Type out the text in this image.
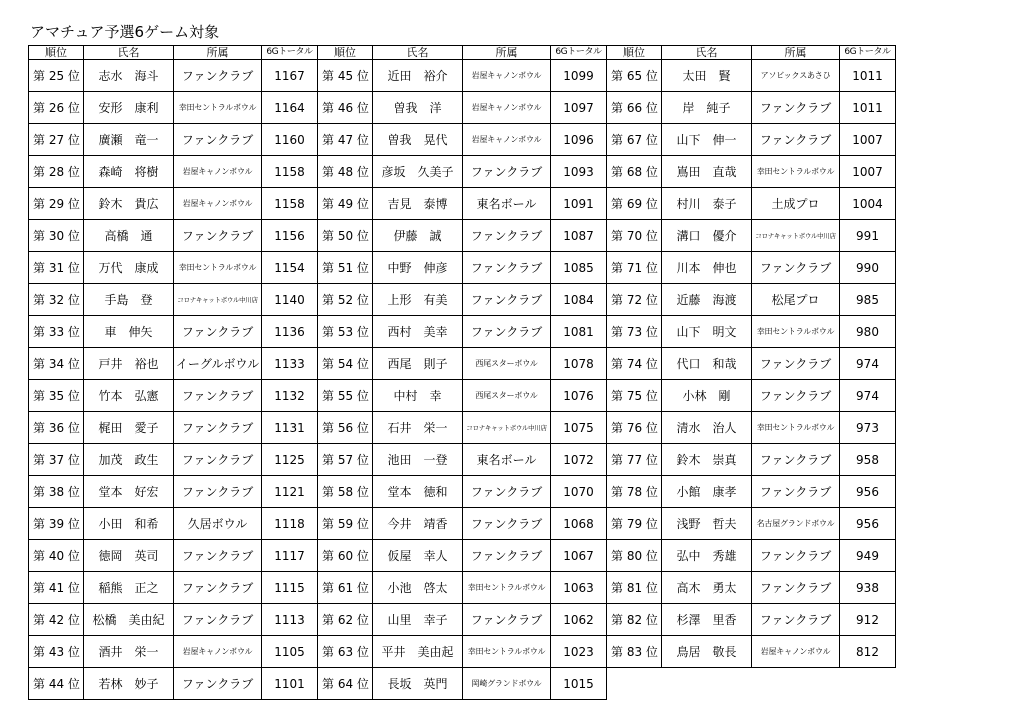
アマチュア予選6ゲーム対象
順位	氏名	所属	6Gトータル	順位	氏名	所属	6Gトータル	順位	氏名	所属	6Gトータル
第 25 位	志水　海斗	ファンクラブ	1167	第 45 位	近田　裕介	岩屋キャノンボウル	1099	第 65 位	太田　賢	アソビックスあさひ	1011
第 26 位	安形　康利	幸田セントラルボウル	1164	第 46 位	曽我　洋	岩屋キャノンボウル	1097	第 66 位	岸　純子	ファンクラブ	1011
第 27 位	廣瀬　竜一	ファンクラブ	1160	第 47 位	曽我　晃代	岩屋キャノンボウル	1096	第 67 位	山下　伸一	ファンクラブ	1007
第 28 位	森崎　将樹	岩屋キャノンボウル	1158	第 48 位	彦坂　久美子	ファンクラブ	1093	第 68 位	嶌田　直哉	幸田セントラルボウル	1007
第 29 位	鈴木　貴広	岩屋キャノンボウル	1158	第 49 位	吉見　泰博	東名ボール	1091	第 69 位	村川　泰子	土成プロ	1004
第 30 位	高橋　通	ファンクラブ	1156	第 50 位	伊藤　誠	ファンクラブ	1087	第 70 位	溝口　優介	コロナキャットボウル中川店	991
第 31 位	万代　康成	幸田セントラルボウル	1154	第 51 位	中野　伸彦	ファンクラブ	1085	第 71 位	川本　伸也	ファンクラブ	990
第 32 位	手島　登	コロナキャットボウル中川店	1140	第 52 位	上形　有美	ファンクラブ	1084	第 72 位	近藤　海渡	松尾プロ	985
第 33 位	車　伸矢	ファンクラブ	1136	第 53 位	西村　美幸	ファンクラブ	1081	第 73 位	山下　明文	幸田セントラルボウル	980
第 34 位	戸井　裕也	イーグルボウル	1133	第 54 位	西尾　則子	西尾スターボウル	1078	第 74 位	代口　和哉	ファンクラブ	974
第 35 位	竹本　弘憲	ファンクラブ	1132	第 55 位	中村　幸	西尾スターボウル	1076	第 75 位	小林　剛	ファンクラブ	974
第 36 位	梶田　愛子	ファンクラブ	1131	第 56 位	石井　栄一	コロナキャットボウル中川店	1075	第 76 位	清水　治人	幸田セントラルボウル	973
第 37 位	加茂　政生	ファンクラブ	1125	第 57 位	池田　一登	東名ボール	1072	第 77 位	鈴木　崇真	ファンクラブ	958
第 38 位	堂本　好宏	ファンクラブ	1121	第 58 位	堂本　徳和	ファンクラブ	1070	第 78 位	小館　康孝	ファンクラブ	956
第 39 位	小田　和希	久居ボウル	1118	第 59 位	今井　靖香	ファンクラブ	1068	第 79 位	浅野　哲夫	名古屋グランドボウル	956
第 40 位	徳岡　英司	ファンクラブ	1117	第 60 位	仮屋　幸人	ファンクラブ	1067	第 80 位	弘中　秀雄	ファンクラブ	949
第 41 位	稲熊　正之	ファンクラブ	1115	第 61 位	小池　啓太	幸田セントラルボウル	1063	第 81 位	高木　勇太	ファンクラブ	938
第 42 位	松橋　美由紀	ファンクラブ	1113	第 62 位	山里　幸子	ファンクラブ	1062	第 82 位	杉澤　里香	ファンクラブ	912
第 43 位	酒井　栄一	岩屋キャノンボウル	1105	第 63 位	平井　美由起	幸田セントラルボウル	1023	第 83 位	鳥居　敬長	岩屋キャノンボウル	812
第 44 位	若林　妙子	ファンクラブ	1101	第 64 位	長坂　英門	岡崎グランドボウル	1015				
